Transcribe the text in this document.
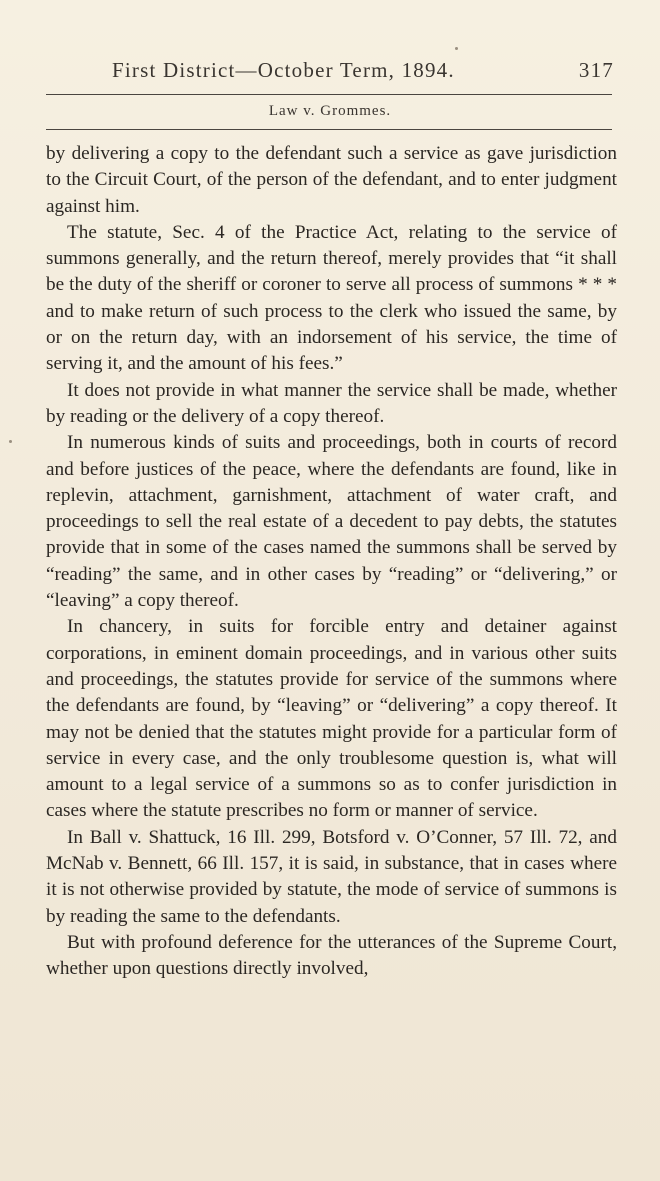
First District—October Term, 1894.	317
Law v. Grommes.

by delivering a copy to the defendant such a service as gave jurisdiction to the Circuit Court, of the person of the defendant, and to enter judgment against him.

The statute, Sec. 4 of the Practice Act, relating to the service of summons generally, and the return thereof, merely provides that “it shall be the duty of the sheriff or coroner to serve all process of summons * * * and to make return of such process to the clerk who issued the same, by or on the return day, with an indorsement of his service, the time of serving it, and the amount of his fees.”

It does not provide in what manner the service shall be made, whether by reading or the delivery of a copy thereof.

In numerous kinds of suits and proceedings, both in courts of record and before justices of the peace, where the defendants are found, like in replevin, attachment, garnishment, attachment of water craft, and proceedings to sell the real estate of a decedent to pay debts, the statutes provide that in some of the cases named the summons shall be served by “reading” the same, and in other cases by “reading” or “delivering,” or “leaving” a copy thereof.

In chancery, in suits for forcible entry and detainer against corporations, in eminent domain proceedings, and in various other suits and proceedings, the statutes provide for service of the summons where the defendants are found, by “leaving” or “delivering” a copy thereof. It may not be denied that the statutes might provide for a particular form of service in every case, and the only troublesome question is, what will amount to a legal service of a summons so as to confer jurisdiction in cases where the statute prescribes no form or manner of service.

In Ball v. Shattuck, 16 Ill. 299, Botsford v. O’Conner, 57 Ill. 72, and McNab v. Bennett, 66 Ill. 157, it is said, in substance, that in cases where it is not otherwise provided by statute, the mode of service of summons is by reading the same to the defendants.

But with profound deference for the utterances of the Supreme Court, whether upon questions directly involved,
